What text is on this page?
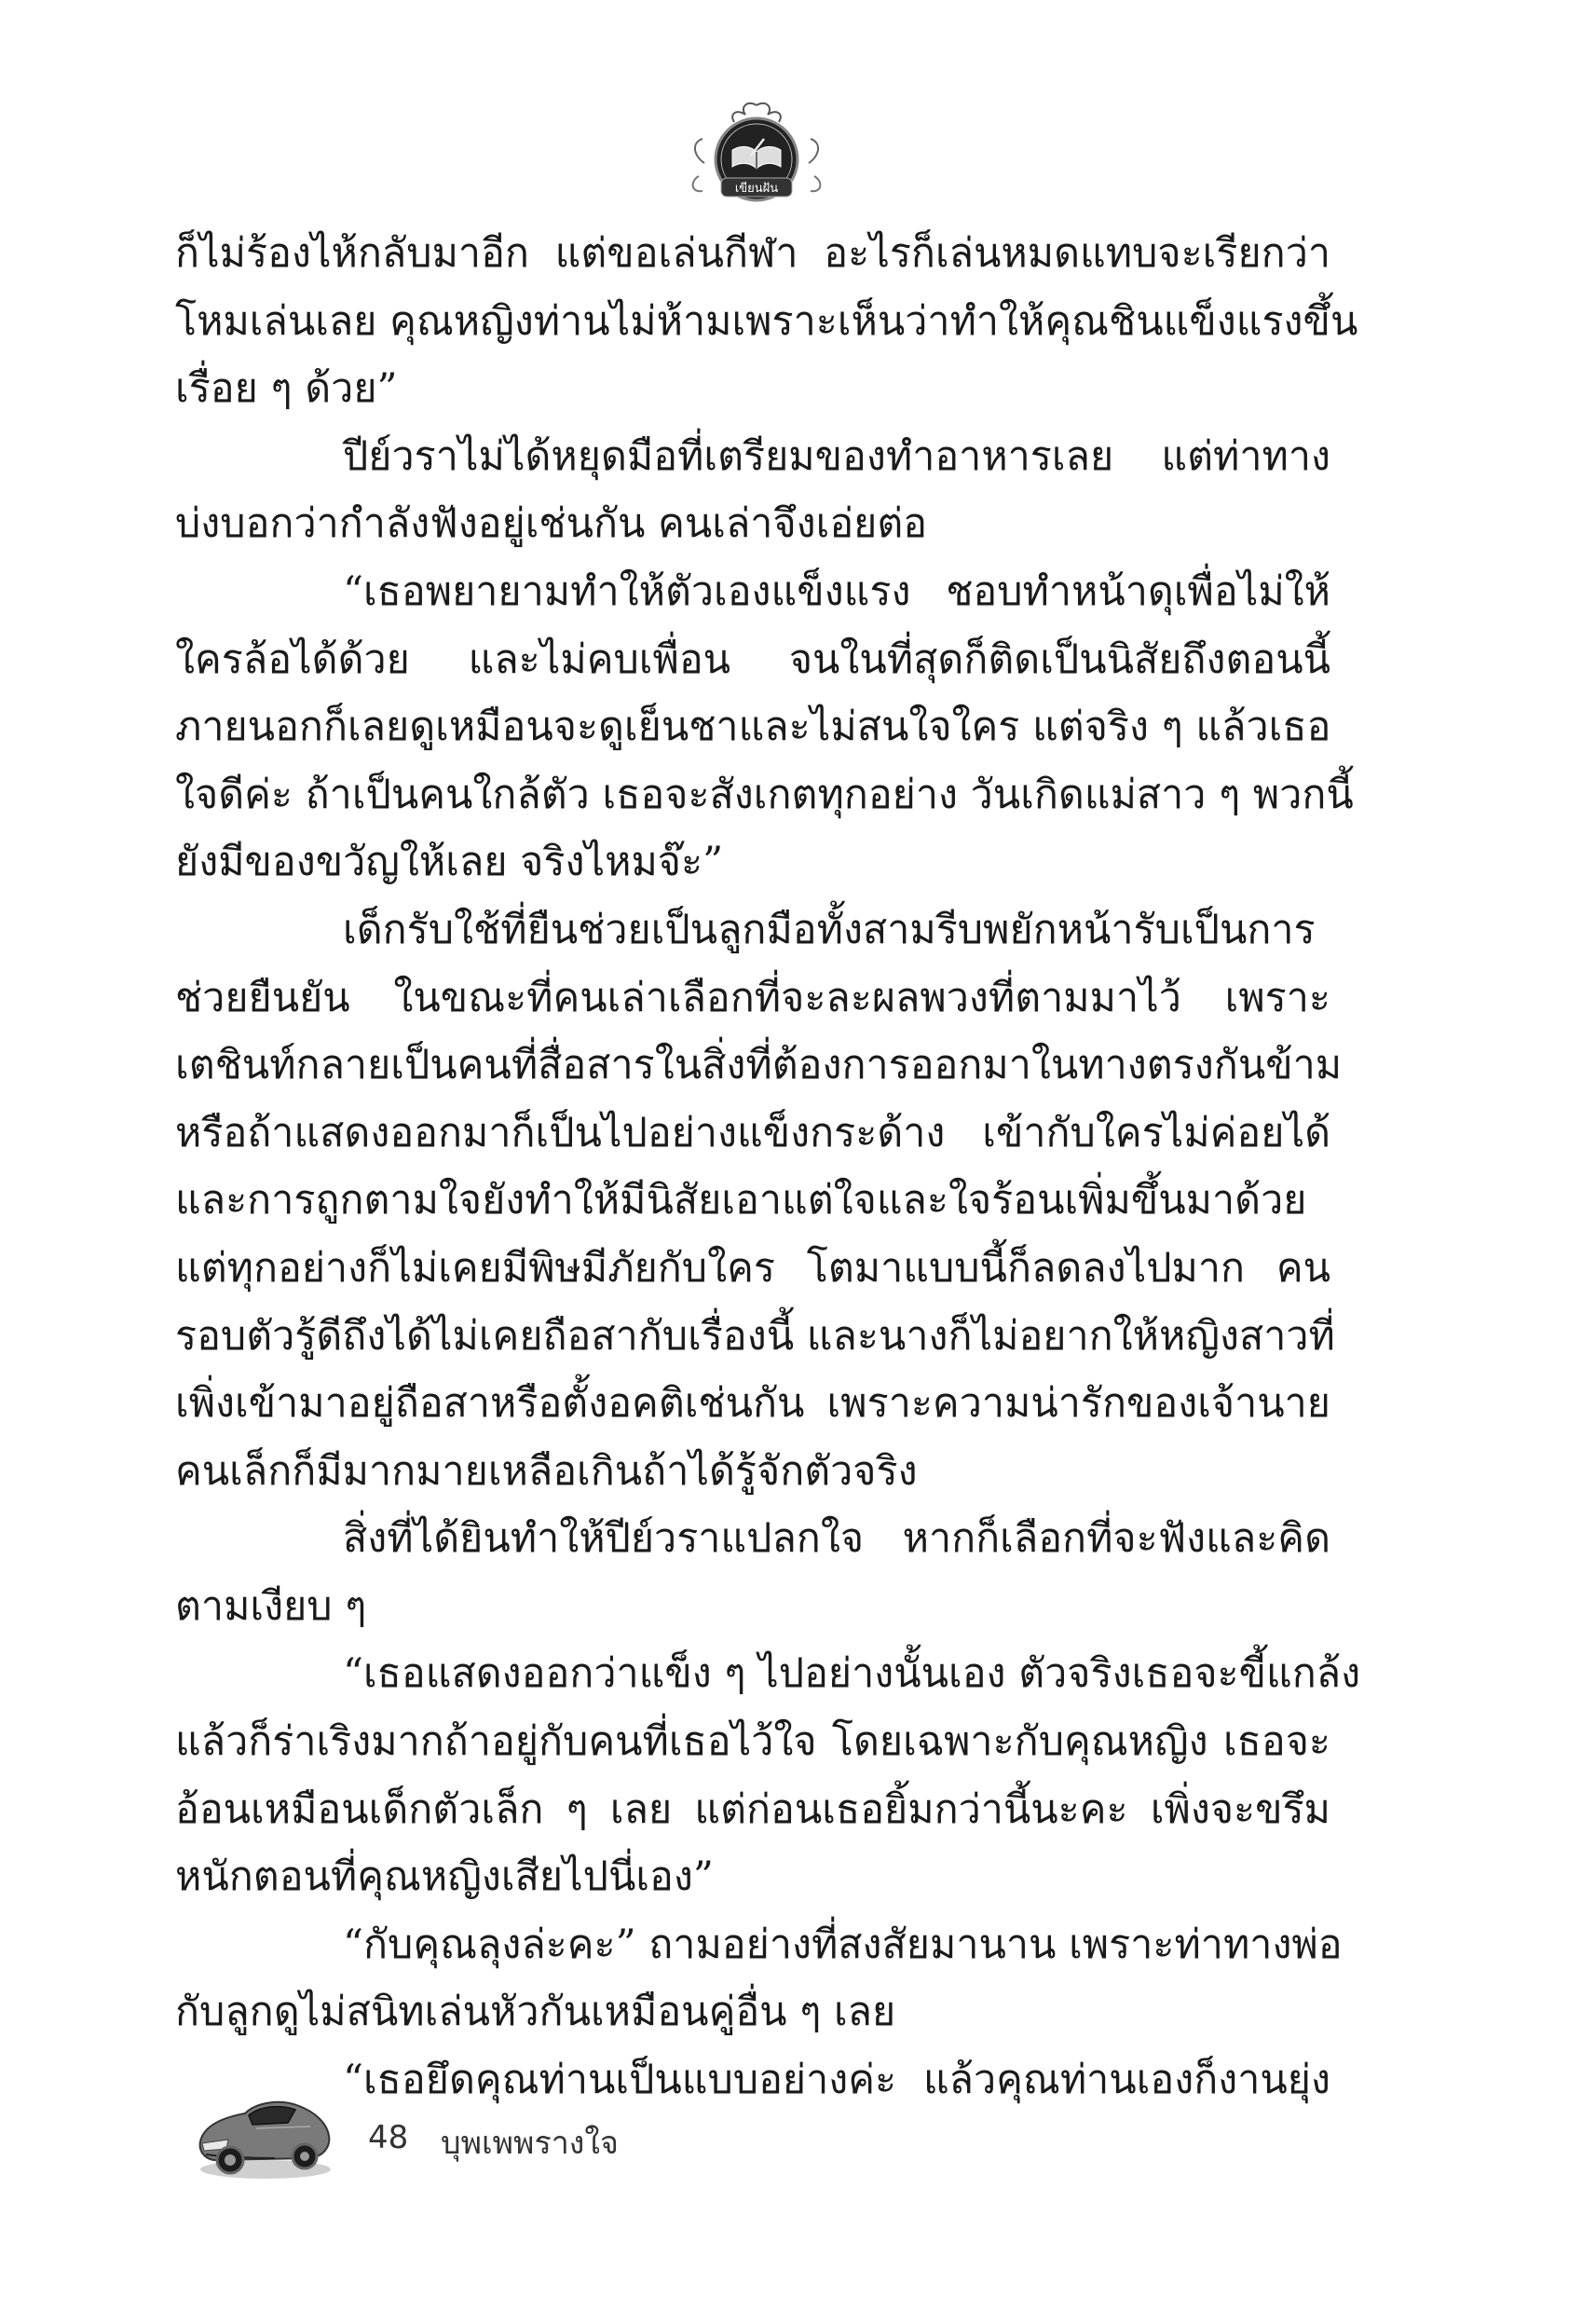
เขียนฝัน
ก็ไม่ร้องไห้กลับมาอีก แต่ขอเล่นกีฬา อะไรก็เล่นหมดแทบจะเรียกว่า
โหมเล่นเลย คุณหญิงท่านไม่ห้ามเพราะเห็นว่าทำให้คุณชินแข็งแรงขึ้น
เรื่อย ๆ ด้วย”
ปีย์วราไม่ได้หยุดมือที่เตรียมของทำอาหารเลย แต่ท่าทาง
บ่งบอกว่ากำลังฟังอยู่เช่นกัน คนเล่าจึงเอ่ยต่อ
“เธอพยายามทำให้ตัวเองแข็งแรง ชอบทำหน้าดุเพื่อไม่ให้
ใครล้อได้ด้วย และไม่คบเพื่อน จนในที่สุดก็ติดเป็นนิสัยถึงตอนนี้
ภายนอกก็เลยดูเหมือนจะดูเย็นชาและไม่สนใจใคร แต่จริง ๆ แล้วเธอ
ใจดีค่ะ ถ้าเป็นคนใกล้ตัว เธอจะสังเกตทุกอย่าง วันเกิดแม่สาว ๆ พวกนี้
ยังมีของขวัญให้เลย จริงไหมจ๊ะ”
เด็กรับใช้ที่ยืนช่วยเป็นลูกมือทั้งสามรีบพยักหน้ารับเป็นการ
ช่วยยืนยัน ในขณะที่คนเล่าเลือกที่จะละผลพวงที่ตามมาไว้ เพราะ
เตชินท์กลายเป็นคนที่สื่อสารในสิ่งที่ต้องการออกมาในทางตรงกันข้าม
หรือถ้าแสดงออกมาก็เป็นไปอย่างแข็งกระด้าง เข้ากับใครไม่ค่อยได้
และการถูกตามใจยังทำให้มีนิสัยเอาแต่ใจและใจร้อนเพิ่มขึ้นมาด้วย
แต่ทุกอย่างก็ไม่เคยมีพิษมีภัยกับใคร โตมาแบบนี้ก็ลดลงไปมาก คน
รอบตัวรู้ดีถึงได้ไม่เคยถือสากับเรื่องนี้ และนางก็ไม่อยากให้หญิงสาวที่
เพิ่งเข้ามาอยู่ถือสาหรือตั้งอคติเช่นกัน เพราะความน่ารักของเจ้านาย
คนเล็กก็มีมากมายเหลือเกินถ้าได้รู้จักตัวจริง
สิ่งที่ได้ยินทำให้ปีย์วราแปลกใจ หากก็เลือกที่จะฟังและคิด
ตามเงียบ ๆ
“เธอแสดงออกว่าแข็ง ๆ ไปอย่างนั้นเอง ตัวจริงเธอจะขี้แกล้ง
แล้วก็ร่าเริงมากถ้าอยู่กับคนที่เธอไว้ใจ โดยเฉพาะกับคุณหญิง เธอจะ
อ้อนเหมือนเด็กตัวเล็ก ๆ เลย แต่ก่อนเธอยิ้มกว่านี้นะคะ เพิ่งจะขรึม
หนักตอนที่คุณหญิงเสียไปนี่เอง”
“กับคุณลุงล่ะคะ” ถามอย่างที่สงสัยมานาน เพราะท่าทางพ่อ
กับลูกดูไม่สนิทเล่นหัวกันเหมือนคู่อื่น ๆ เลย
“เธอยึดคุณท่านเป็นแบบอย่างค่ะ แล้วคุณท่านเองก็งานยุ่ง
48 บุพเพพรางใจ
